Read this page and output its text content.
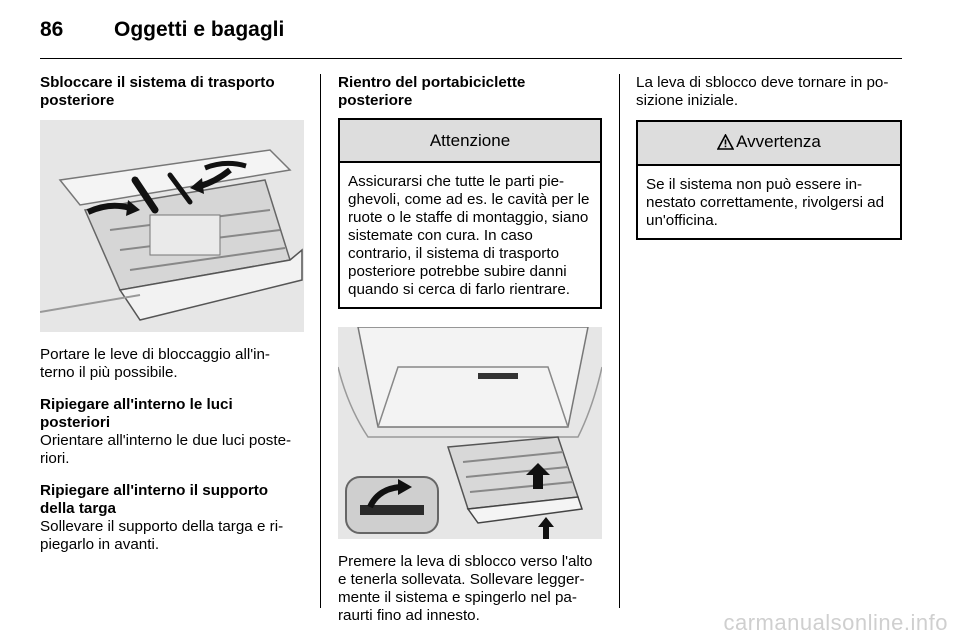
86 Oggetti e bagagli
Sbloccare il sistema di trasporto posteriore

Portare le leve di bloccaggio all'in-terno il più possibile.

Ripiegare all'interno le luci posteriori

Orientare all'interno le due luci poste-riori.

Ripiegare all'interno il supporto della targa

Sollevare il supporto della targa e ri-piegarlo in avanti.

Rientro del portabiciclette posteriore
Attenzione
Assicurarsi che tutte le parti pie-ghevoli, come ad es. le cavità per le ruote o le staffe di montaggio, siano sistemate con cura. In caso contrario, il sistema di trasporto posteriore potrebbe subire danni quando si cerca di farlo rientrare.

Premere la leva di sblocco verso l'alto e tenerla sollevata. Sollevare legger-mente il sistema e spingerlo nel pa-raurti fino ad innesto.

La leva di sblocco deve tornare in po-sizione iniziale.

Avvertenza
Se il sistema non può essere in-nestato correttamente, rivolgersi ad un'officina.
carmanualsonline.info
